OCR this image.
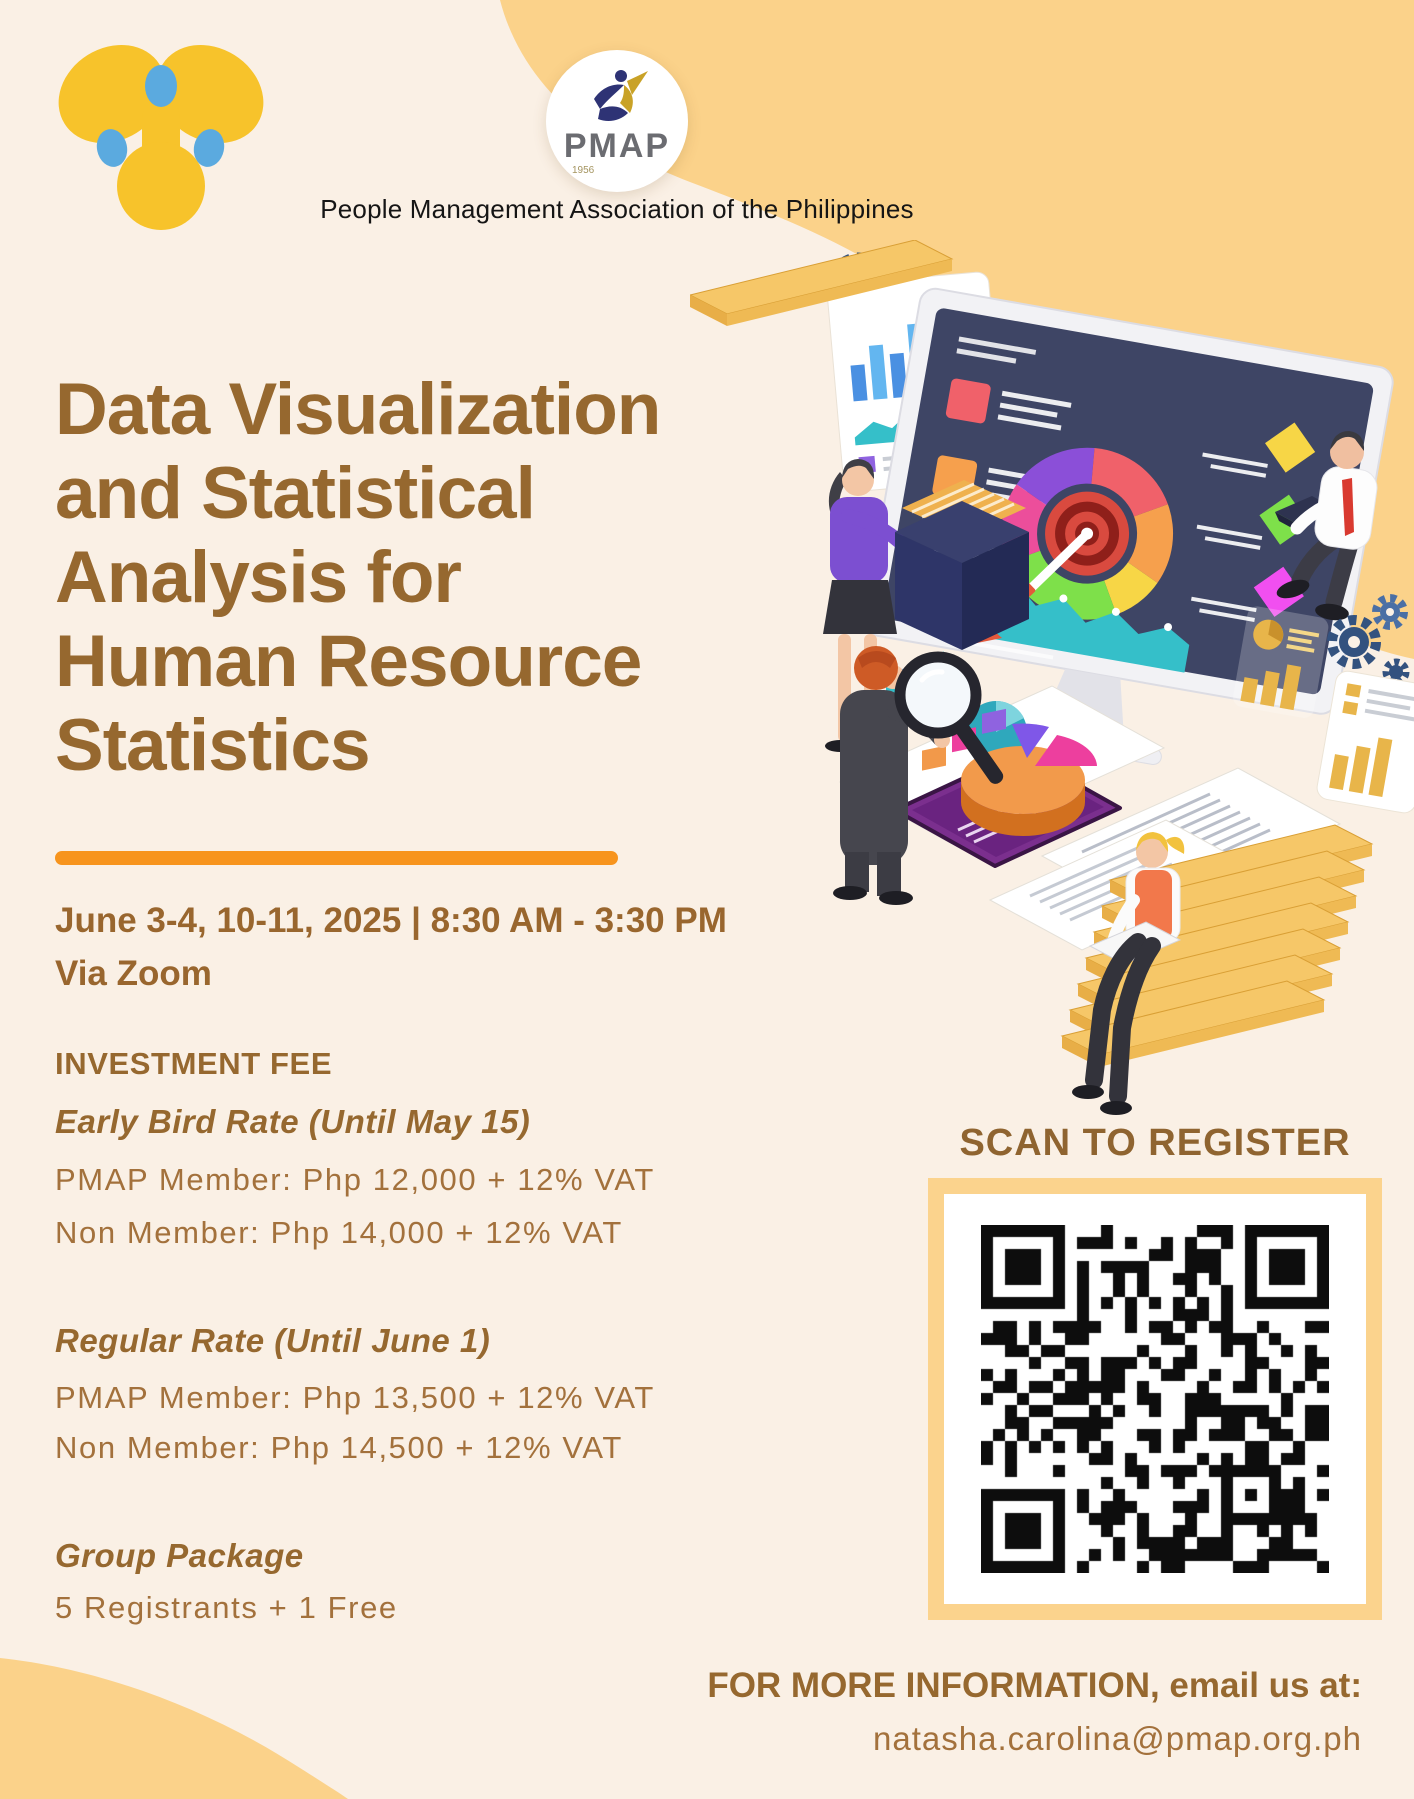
PMAP
1956
People Management Association of the Philippines
Data Visualization
and Statistical
Analysis for
Human Resource
Statistics
June 3-4, 10-11, 2025 | 8:30 AM - 3:30 PM
Via Zoom
INVESTMENT FEE
Early Bird Rate (Until May 15)
PMAP Member: Php 12,000 + 12% VAT
Non Member: Php 14,000 + 12% VAT
Regular Rate (Until June 1)
PMAP Member: Php 13,500 + 12% VAT
Non Member: Php 14,500 + 12% VAT
Group Package
5 Registrants + 1 Free
SCAN TO REGISTER
FOR MORE INFORMATION, email us at:
natasha.carolina@pmap.org.ph
